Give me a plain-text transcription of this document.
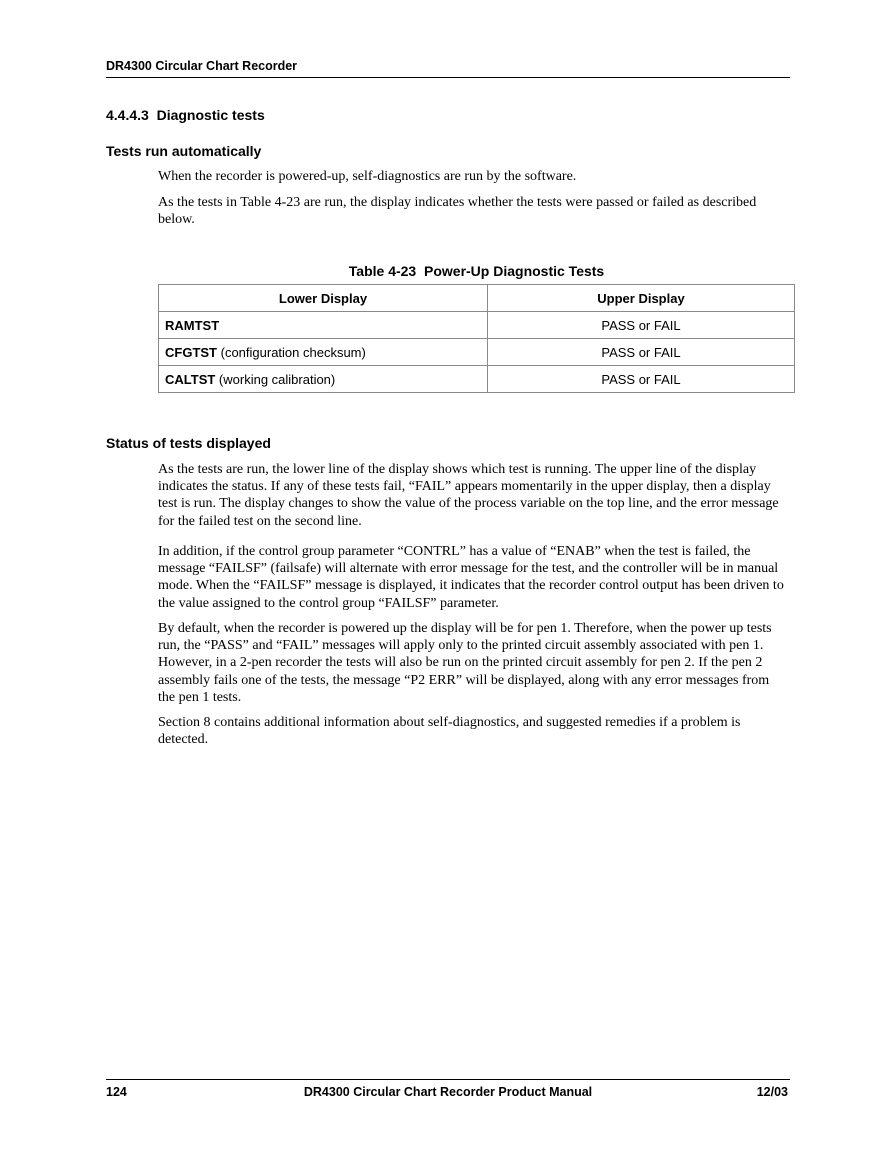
DR4300 Circular Chart Recorder
4.4.4.3  Diagnostic tests
Tests run automatically

When the recorder is powered-up, self-diagnostics are run by the software.

As the tests in Table 4-23 are run, the display indicates whether the tests were passed or failed as described below.

Table 4-23  Power-Up Diagnostic Tests
Lower Display	Upper Display
RAMTST	PASS or FAIL
CFGTST (configuration checksum)	PASS or FAIL
CALTST (working calibration)	PASS or FAIL
Status of tests displayed

As the tests are run, the lower line of the display shows which test is running. The upper line of the display indicates the status. If any of these tests fail, “FAIL” appears momentarily in the upper display, then a display test is run. The display changes to show the value of the process variable on the top line, and the error message for the failed test on the second line.

In addition, if the control group parameter “CONTRL” has a value of “ENAB” when the test is failed, the message “FAILSF” (failsafe) will alternate with error message for the test, and the controller will be in manual mode. When the “FAILSF” message is displayed, it indicates that the recorder control output has been driven to the value assigned to the control group “FAILSF” parameter.

By default, when the recorder is powered up the display will be for pen 1. Therefore, when the power up tests run, the “PASS” and “FAIL” messages will apply only to the printed circuit assembly associated with pen 1. However, in a 2-pen recorder the tests will also be run on the printed circuit assembly for pen 2. If the pen 2 assembly fails one of the tests, the message “P2 ERR” will be displayed, along with any error messages from the pen 1 tests.

Section 8 contains additional information about self-diagnostics, and suggested remedies if a problem is detected.

124	DR4300 Circular Chart Recorder Product Manual	12/03
